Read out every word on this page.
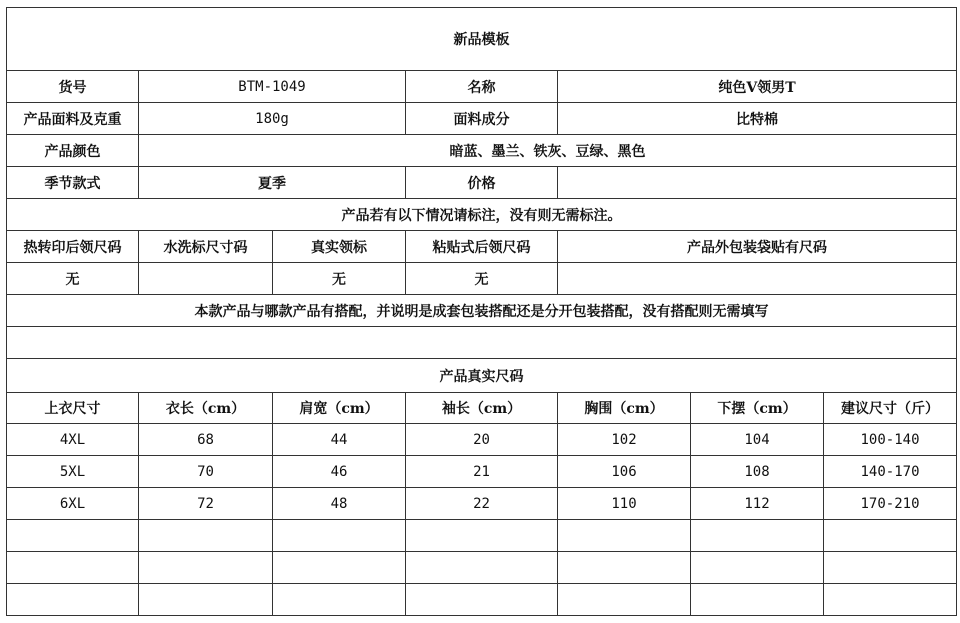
新品模板						
货号	BTM-1049		名称	纯色V领男T		
产品面料及克重	180g		面料成分	比特棉		
产品颜色	暗蓝、墨兰、铁灰、豆绿、黑色					
季节款式	夏季		价格			
产品若有以下情况请标注，没有则无需标注。						
热转印后领尺码	水洗标尺寸码	真实领标	粘贴式后领尺码	产品外包装袋贴有尺码		
无		无	无			
本款产品与哪款产品有搭配，并说明是成套包装搭配还是分开包装搭配，没有搭配则无需填写						

产品真实尺码						
上衣尺寸	衣长（cm）	肩宽（cm）	袖长（cm）	胸围（cm）	下摆（cm）	建议尺寸（斤）
4XL	68	44	20	102	104	100-140
5XL	70	46	21	106	108	140-170
6XL	72	48	22	110	112	170-210
